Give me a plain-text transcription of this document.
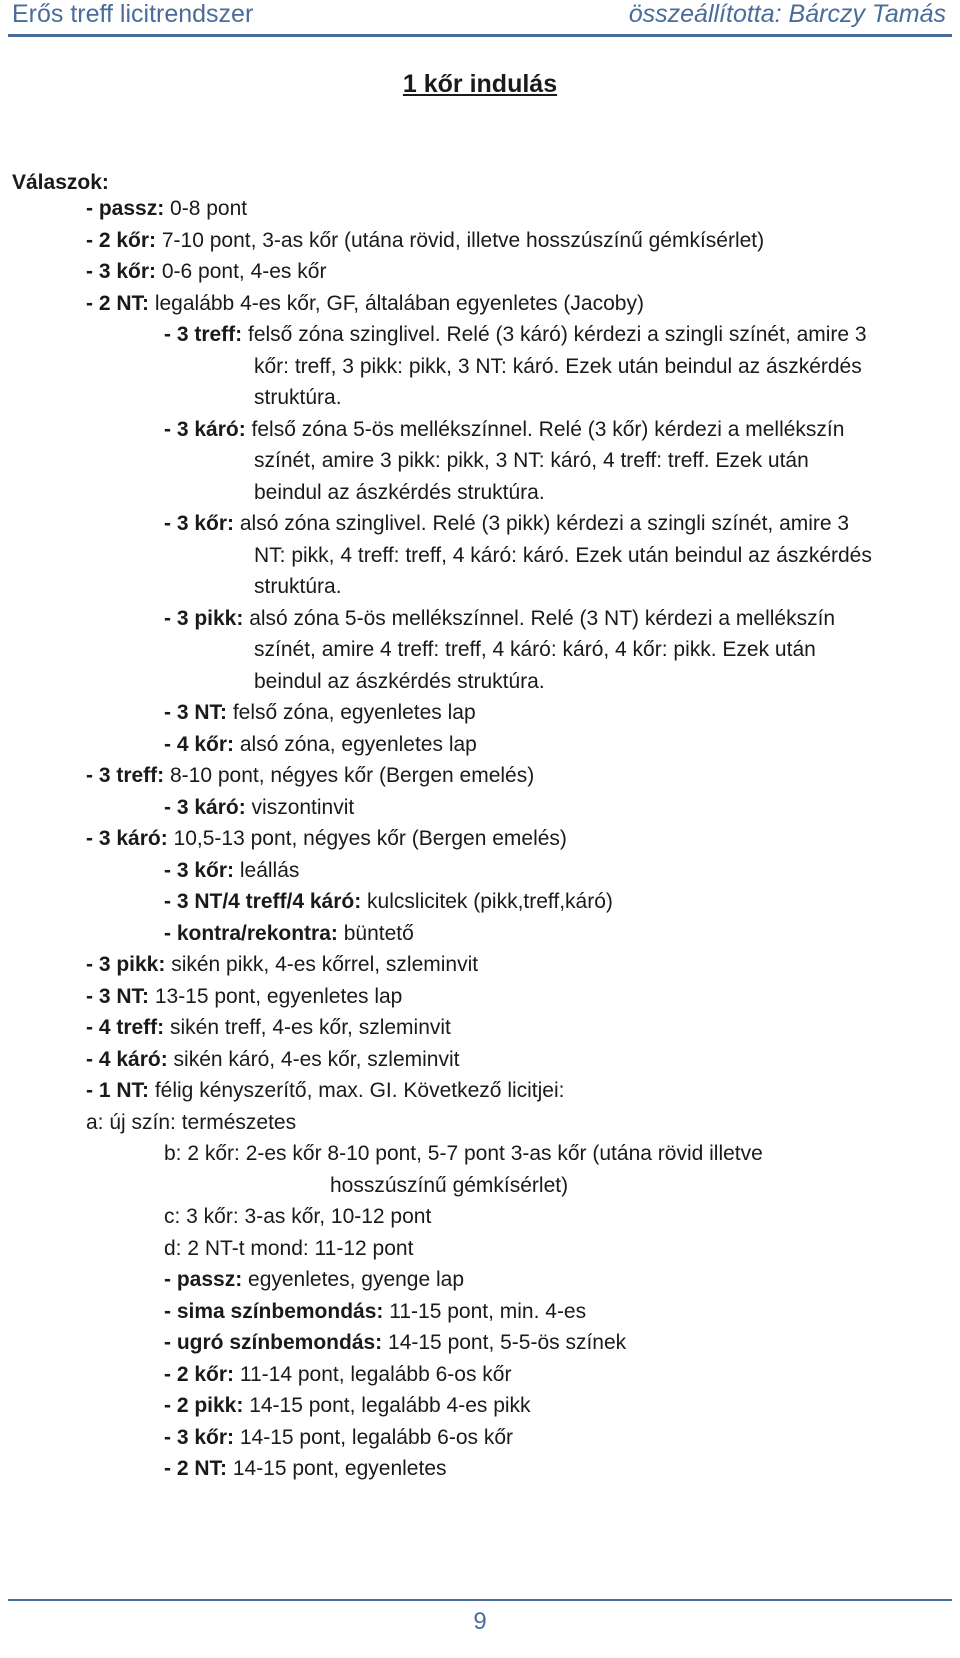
Erős treff licitrendszer	összeállította: Bárczy Tamás
1 kőr indulás
Válaszok:
- passz: 0-8 pont
- 2 kőr: 7-10 pont, 3-as kőr (utána rövid, illetve hosszúszínű gémkísérlet)
- 3 kőr: 0-6 pont, 4-es kőr
- 2 NT: legalább 4-es kőr, GF, általában egyenletes (Jacoby)
- 3 treff: felső zóna szinglivel. Relé (3 káró) kérdezi a szingli színét, amire 3
kőr: treff, 3 pikk: pikk, 3 NT: káró. Ezek után beindul az ászkérdés
struktúra.
- 3 káró: felső zóna 5-ös mellékszínnel. Relé (3 kőr) kérdezi a mellékszín
színét, amire 3 pikk: pikk, 3 NT: káró, 4 treff: treff. Ezek után
beindul az ászkérdés struktúra.
- 3 kőr: alsó zóna szinglivel. Relé (3 pikk) kérdezi a szingli színét, amire 3
NT: pikk, 4 treff: treff, 4 káró: káró. Ezek után beindul az ászkérdés
struktúra.
- 3 pikk: alsó zóna 5-ös mellékszínnel. Relé (3 NT) kérdezi a mellékszín
színét, amire 4 treff: treff, 4 káró: káró, 4 kőr: pikk. Ezek után
beindul az ászkérdés struktúra.
- 3 NT: felső zóna, egyenletes lap
- 4 kőr: alsó zóna, egyenletes lap
- 3 treff: 8-10 pont, négyes kőr (Bergen emelés)
- 3 káró: viszontinvit
- 3 káró: 10,5-13 pont, négyes kőr (Bergen emelés)
- 3 kőr: leállás
- 3 NT/4 treff/4 káró: kulcslicitek (pikk,treff,káró)
- kontra/rekontra: büntető
- 3 pikk: sikén pikk, 4-es kőrrel, szleminvit
- 3 NT: 13-15 pont, egyenletes lap
- 4 treff: sikén treff, 4-es kőr, szleminvit
- 4 káró: sikén káró, 4-es kőr, szleminvit
- 1 NT: félig kényszerítő, max. GI. Következő licitjei:
a: új szín: természetes
b: 2 kőr: 2-es kőr 8-10 pont, 5-7 pont 3-as kőr (utána rövid illetve
hosszúszínű gémkísérlet)
c: 3 kőr: 3-as kőr, 10-12 pont
d: 2 NT-t mond: 11-12 pont
- passz: egyenletes, gyenge lap
- sima színbemondás: 11-15 pont, min. 4-es
- ugró színbemondás: 14-15 pont, 5-5-ös színek
- 2 kőr: 11-14 pont, legalább 6-os kőr
- 2 pikk: 14-15 pont, legalább 4-es pikk
- 3 kőr: 14-15 pont, legalább 6-os kőr
- 2 NT: 14-15 pont, egyenletes
9
